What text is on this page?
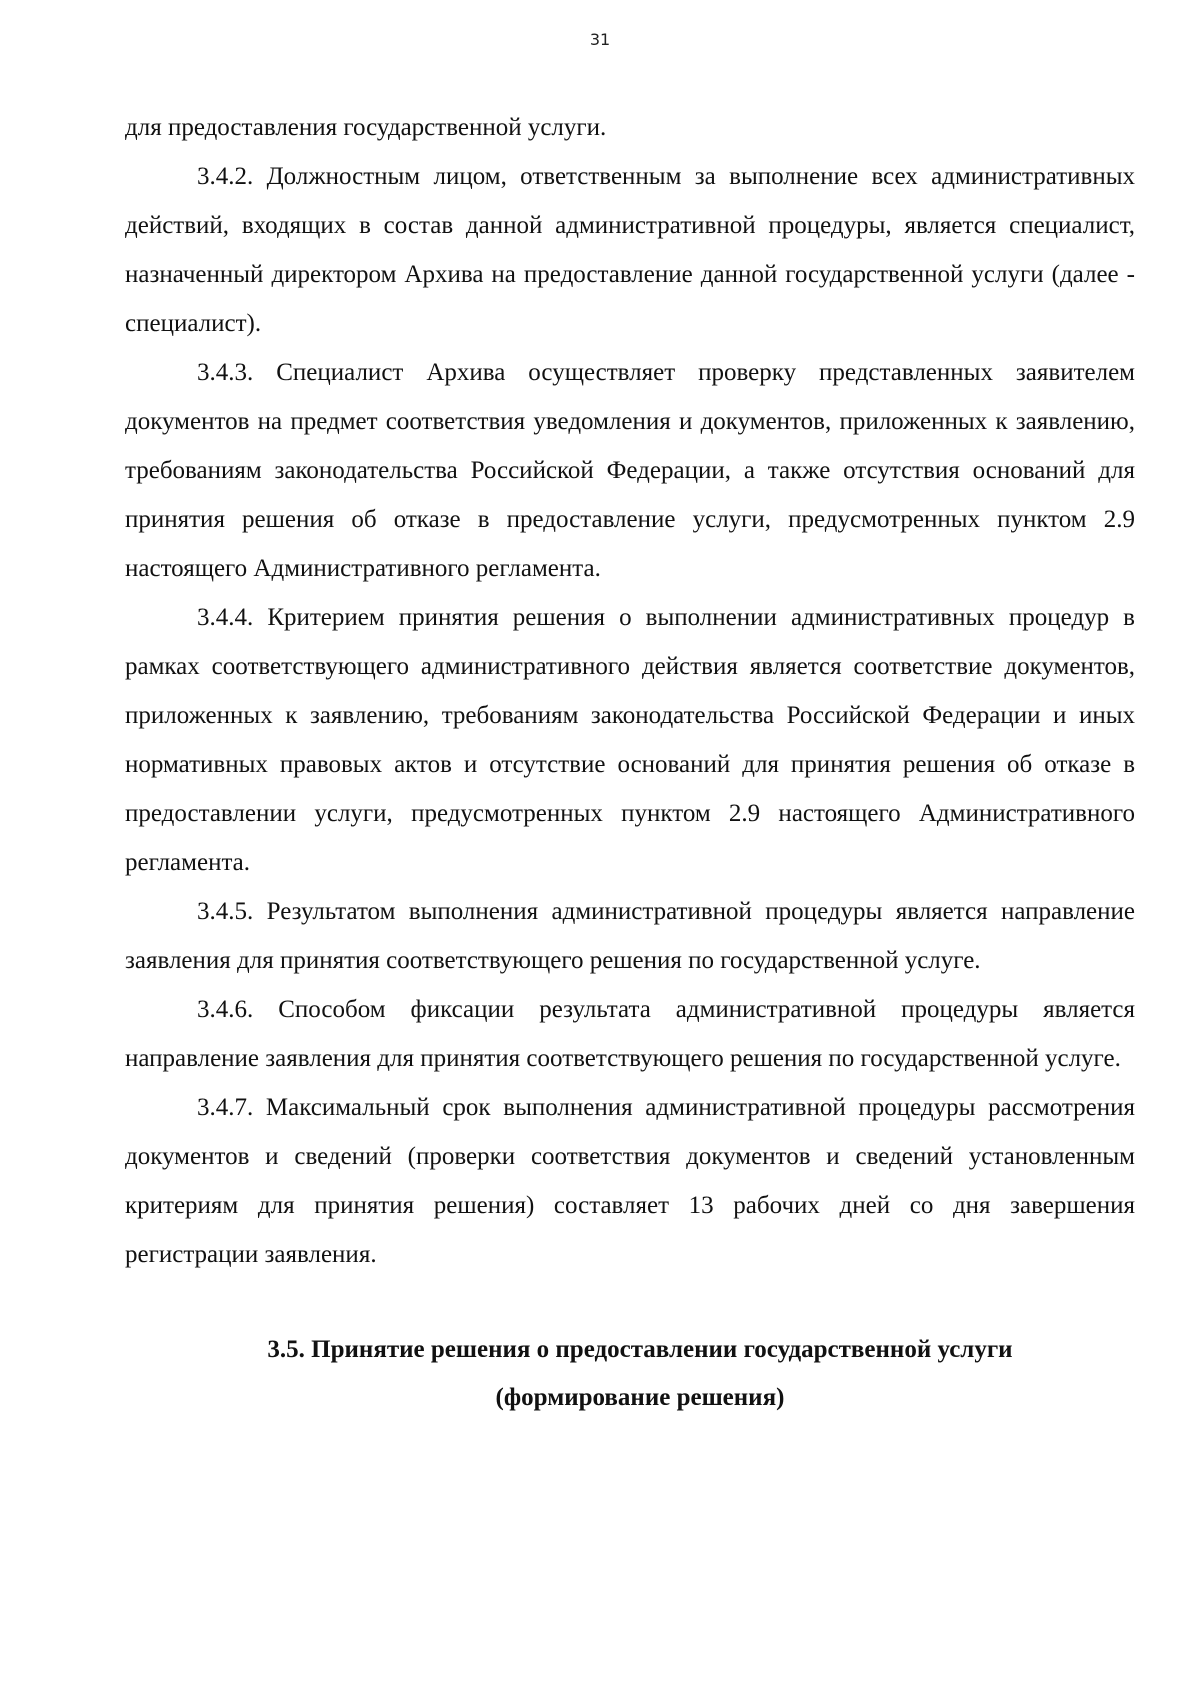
31

для предоставления государственной услуги.

3.4.2. Должностным лицом, ответственным за выполнение всех административных действий, входящих в состав данной административной процедуры, является специалист, назначенный директором Архива на предоставление данной государственной услуги (далее - специалист).

3.4.3. Специалист Архива осуществляет проверку представленных заявителем документов на предмет соответствия уведомления и документов, приложенных к заявлению, требованиям законодательства Российской Федерации, а также отсутствия оснований для принятия решения об отказе в предоставление услуги, предусмотренных пунктом 2.9 настоящего Административного регламента.

3.4.4. Критерием принятия решения о выполнении административных процедур в рамках соответствующего административного действия является соответствие документов, приложенных к заявлению, требованиям законодательства Российской Федерации и иных нормативных правовых актов и отсутствие оснований для принятия решения об отказе в предоставлении услуги, предусмотренных пунктом 2.9 настоящего Административного регламента.

3.4.5. Результатом выполнения административной процедуры является направление заявления для принятия соответствующего решения по государственной услуге.

3.4.6. Способом фиксации результата административной процедуры является направление заявления для принятия соответствующего решения по государственной услуге.

3.4.7. Максимальный срок выполнения административной процедуры рассмотрения документов и сведений (проверки соответствия документов и сведений установленным критериям для принятия решения) составляет 13 рабочих дней со дня завершения регистрации заявления.

3.5. Принятие решения о предоставлении государственной услуги
(формирование решения)
